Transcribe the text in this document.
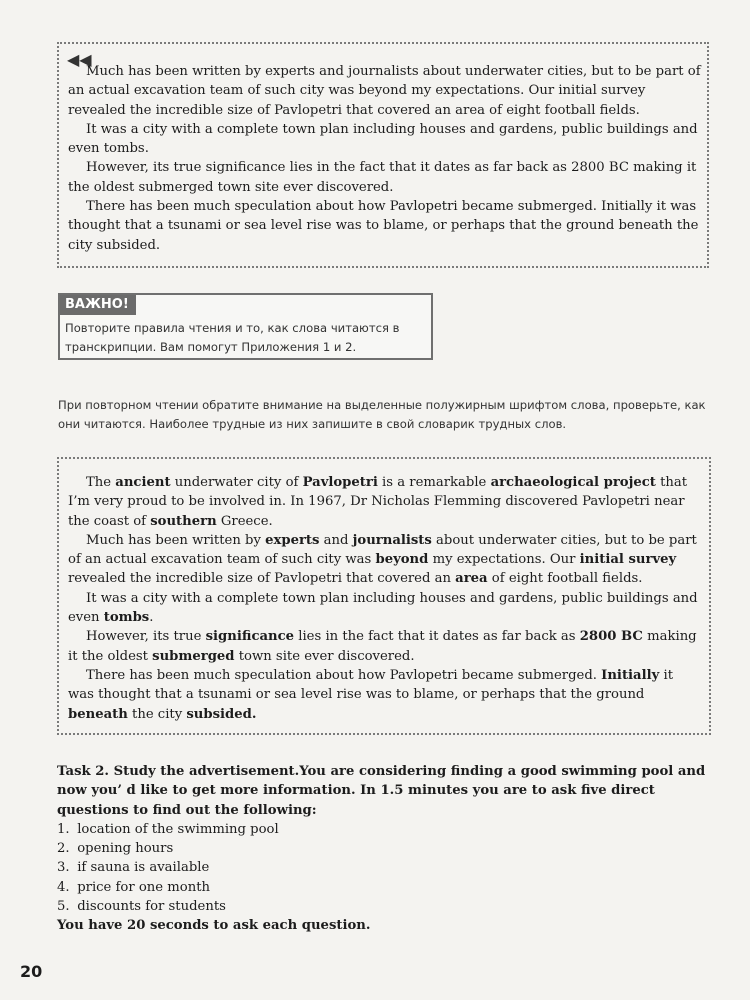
◀◀

Much has been written by experts and journalists about underwater cities, but to be part of an actual excavation team of such city was beyond my expectations. Our initial survey revealed the incredible size of Pavlopetri that covered an area of eight football fields.

It was a city with a complete town plan including houses and gardens, public buildings and even tombs.

However, its true significance lies in the fact that it dates as far back as 2800 BC making it the oldest submerged town site ever discovered.

There has been much speculation about how Pavlopetri became submerged. Initially it was thought that a tsunami or sea level rise was to blame, or perhaps that the ground beneath the city subsided.

ВАЖНО!
Повторите правила чтения и то, как слова читаются в транскрипции. Вам помогут Приложения 1 и 2.
При повторном чтении обратите внимание на выделенные полужирным шрифтом слова, проверьте, как они читаются. Наиболее трудные из них запишите в свой словарик трудных слов.

The ancient underwater city of Pavlopetri is a remarkable archaeological project that I’m very proud to be involved in. In 1967, Dr Nicholas Flemming discovered Pavlopetri near the coast of southern Greece.

Much has been written by experts and journalists about underwater cities, but to be part of an actual excavation team of such city was beyond my expectations. Our initial survey revealed the incredible size of Pavlopetri that covered an area of eight football fields.

It was a city with a complete town plan including houses and gardens, public buildings and even tombs.

However, its true significance lies in the fact that it dates as far back as 2800 BC making it the oldest submerged town site ever discovered.

There has been much speculation about how Pavlopetri became submerged. Initially it was thought that a tsunami or sea level rise was to blame, or perhaps that the ground beneath the city subsided.

Task 2. Study the advertisement.You are considering finding a good swimming pool and now you’ d like to get more information. In 1.5 minutes you are to ask five direct questions to find out the following:

1. location of the swimming pool
2. opening hours
3. if sauna is available
4. price for one month
5. discounts for students

You have 20 seconds to ask each question.

20
